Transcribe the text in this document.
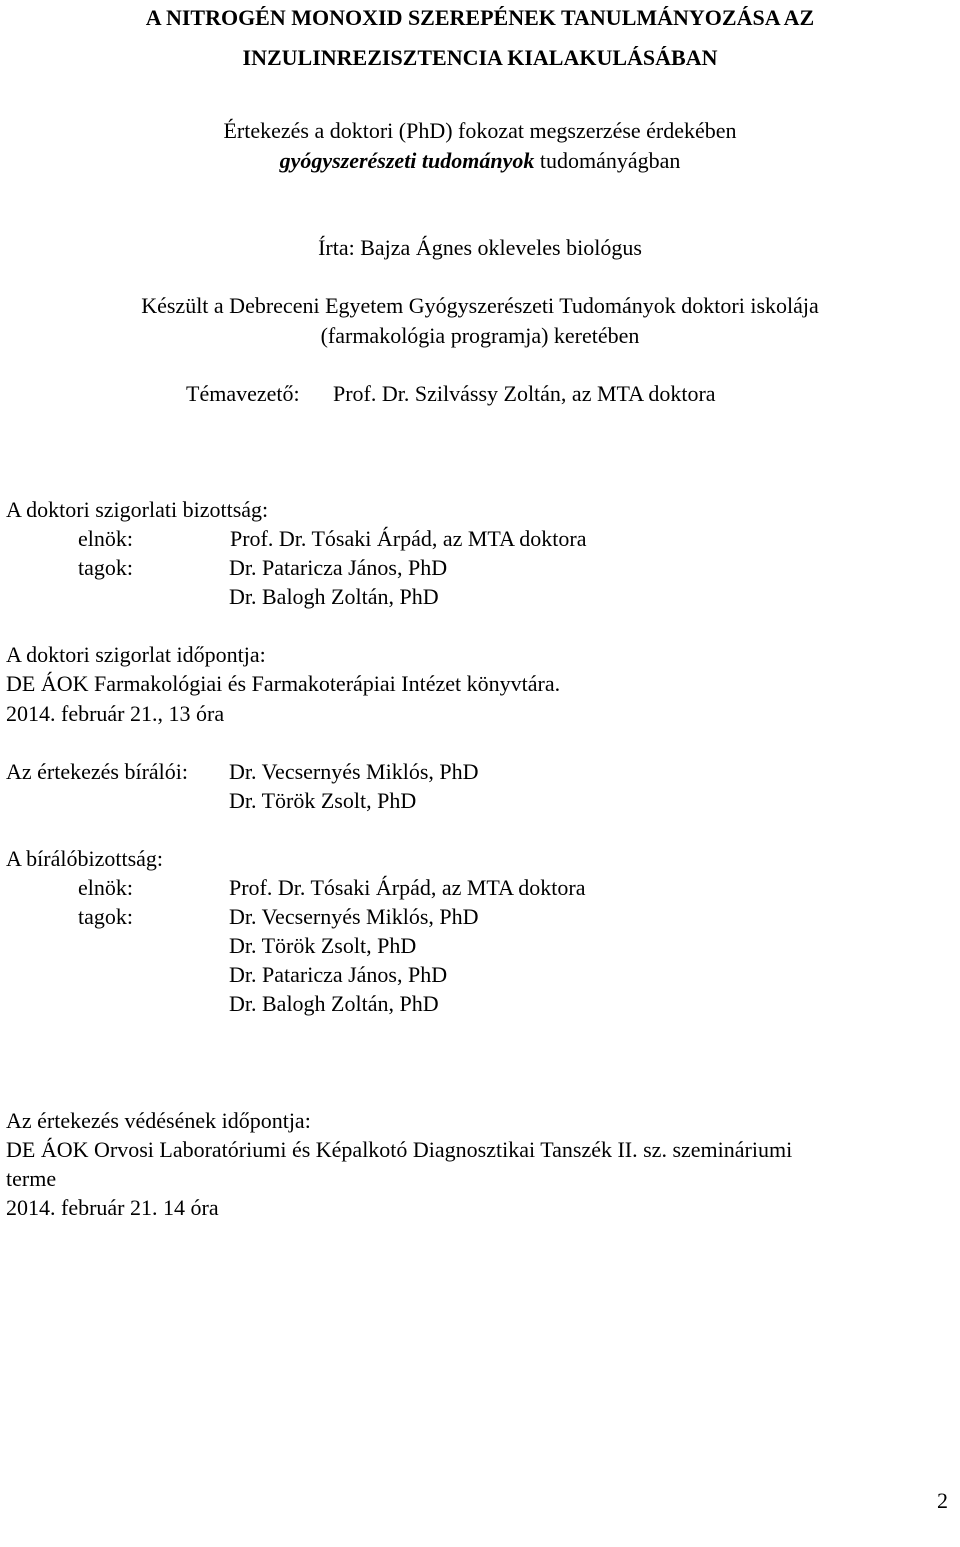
A NITROGÉN MONOXID SZEREPÉNEK TANULMÁNYOZÁSA AZ
INZULINREZISZTENCIA KIALAKULÁSÁBAN
Értekezés a doktori (PhD) fokozat megszerzése érdekében
gyógyszerészeti tudományok tudományágban
Írta: Bajza Ágnes okleveles biológus
Készült a Debreceni Egyetem Gyógyszerészeti Tudományok doktori iskolája
(farmakológia programja) keretében
Témavezető: Prof. Dr. Szilvássy Zoltán, az MTA doktora
A doktori szigorlati bizottság:
elnök:	Prof. Dr. Tósaki Árpád, az MTA doktora
tagok:	Dr. Pataricza János, PhD
Dr. Balogh Zoltán, PhD
A doktori szigorlat időpontja:
DE ÁOK Farmakológiai és Farmakoterápiai Intézet könyvtára.
2014. február 21., 13 óra
Az értekezés bírálói: Dr. Vecsernyés Miklós, PhD
Dr. Török Zsolt, PhD
A bírálóbizottság:
elnök:	Prof. Dr. Tósaki Árpád, az MTA doktora
tagok:	Dr. Vecsernyés Miklós, PhD
Dr. Török Zsolt, PhD
Dr. Pataricza János, PhD
Dr. Balogh Zoltán, PhD
Az értekezés védésének időpontja:
DE ÁOK Orvosi Laboratóriumi és Képalkotó Diagnosztikai Tanszék II. sz. szemináriumi
terme
2014. február 21. 14 óra
2
